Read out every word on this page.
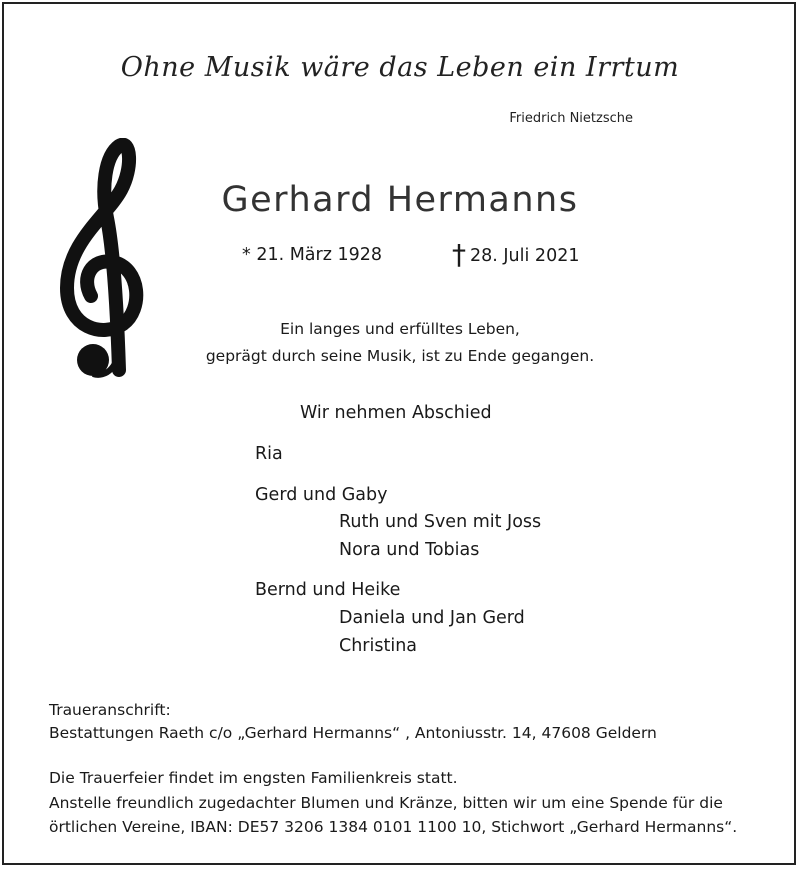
Ohne Musik wäre das Leben ein Irrtum
Friedrich Nietzsche
Gerhard Hermanns
* 21. März 1928 † 28. Juli 2021
Ein langes und erfülltes Leben,
geprägt durch seine Musik, ist zu Ende gegangen.
Wir nehmen Abschied
Ria
Gerd und Gaby
Ruth und Sven mit Joss
Nora und Tobias
Bernd und Heike
Daniela und Jan Gerd
Christina
Traueranschrift:
Bestattungen Raeth c/o „Gerhard Hermanns“ , Antoniusstr. 14, 47608 Geldern
Die Trauerfeier findet im engsten Familienkreis statt.
Anstelle freundlich zugedachter Blumen und Kränze, bitten wir um eine Spende für die
örtlichen Vereine, IBAN: DE57 3206 1384 0101 1100 10, Stichwort „Gerhard Hermanns“.
